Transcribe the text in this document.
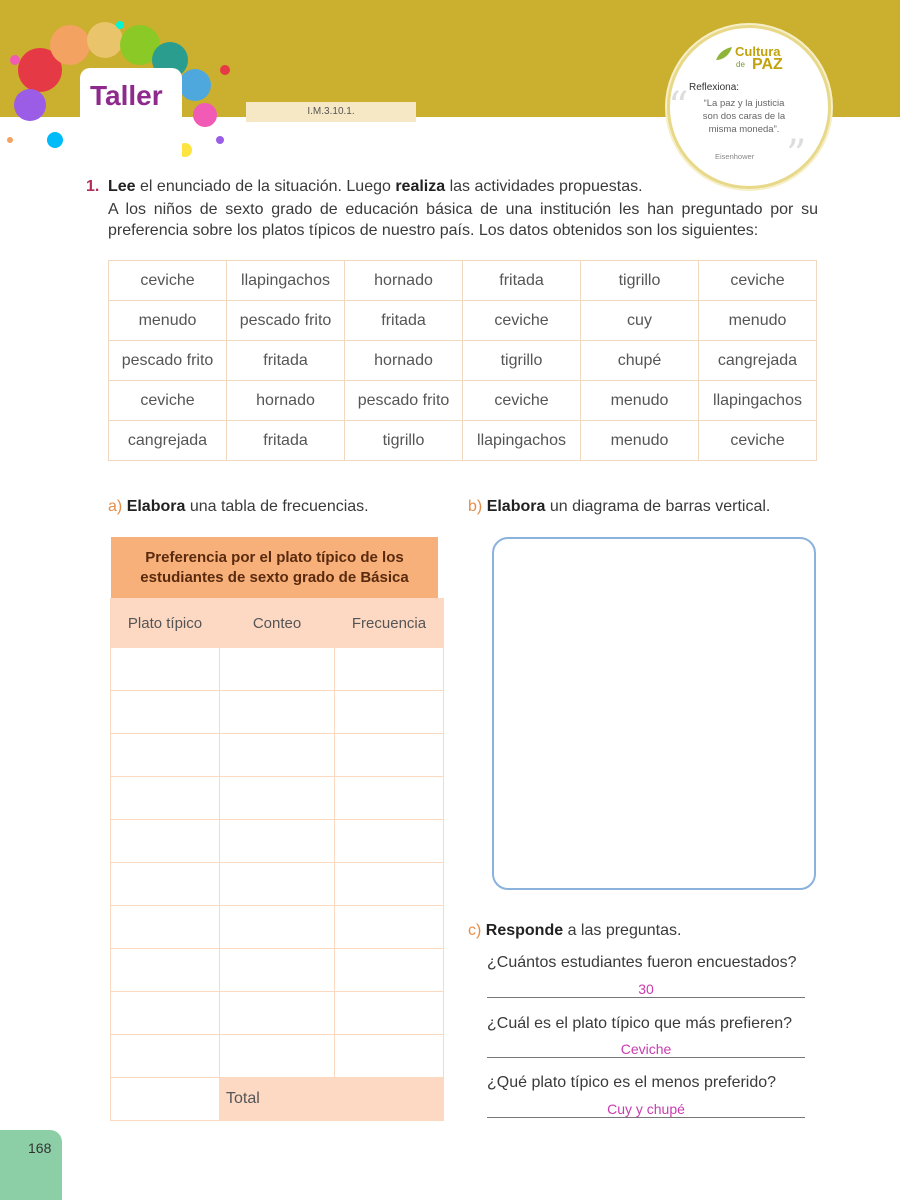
Taller
I.M.3.10.1.
Cultura
de PAZ
“
”
Reflexiona:
“La paz y la justicia son dos caras de la misma moneda”.
Eisenhower
1. Lee el enunciado de la situación. Luego realiza las actividades propuestas.
A los niños de sexto grado de educación básica de una institución les han preguntado por su preferencia sobre los platos típicos de nuestro país. Los datos obtenidos son los siguientes:
ceviche	llapingachos	hornado	fritada	tigrillo	ceviche
menudo	pescado frito	fritada	ceviche	cuy	menudo
pescado frito	fritada	hornado	tigrillo	chupé	cangrejada
ceviche	hornado	pescado frito	ceviche	menudo	llapingachos
cangrejada	fritada	tigrillo	llapingachos	menudo	ceviche
a) Elabora una tabla de frecuencias.	b) Elabora un diagrama de barras vertical.
Preferencia por el plato típico de los estudiantes de sexto grado de Básica
Plato típico	Conteo	Frecuencia

	Total	
c) Responde a las preguntas.
¿Cuántos estudiantes fueron encuestados?
30
¿Cuál es el plato típico que más prefieren?
Ceviche
¿Qué plato típico es el menos preferido?
Cuy y chupé
168
